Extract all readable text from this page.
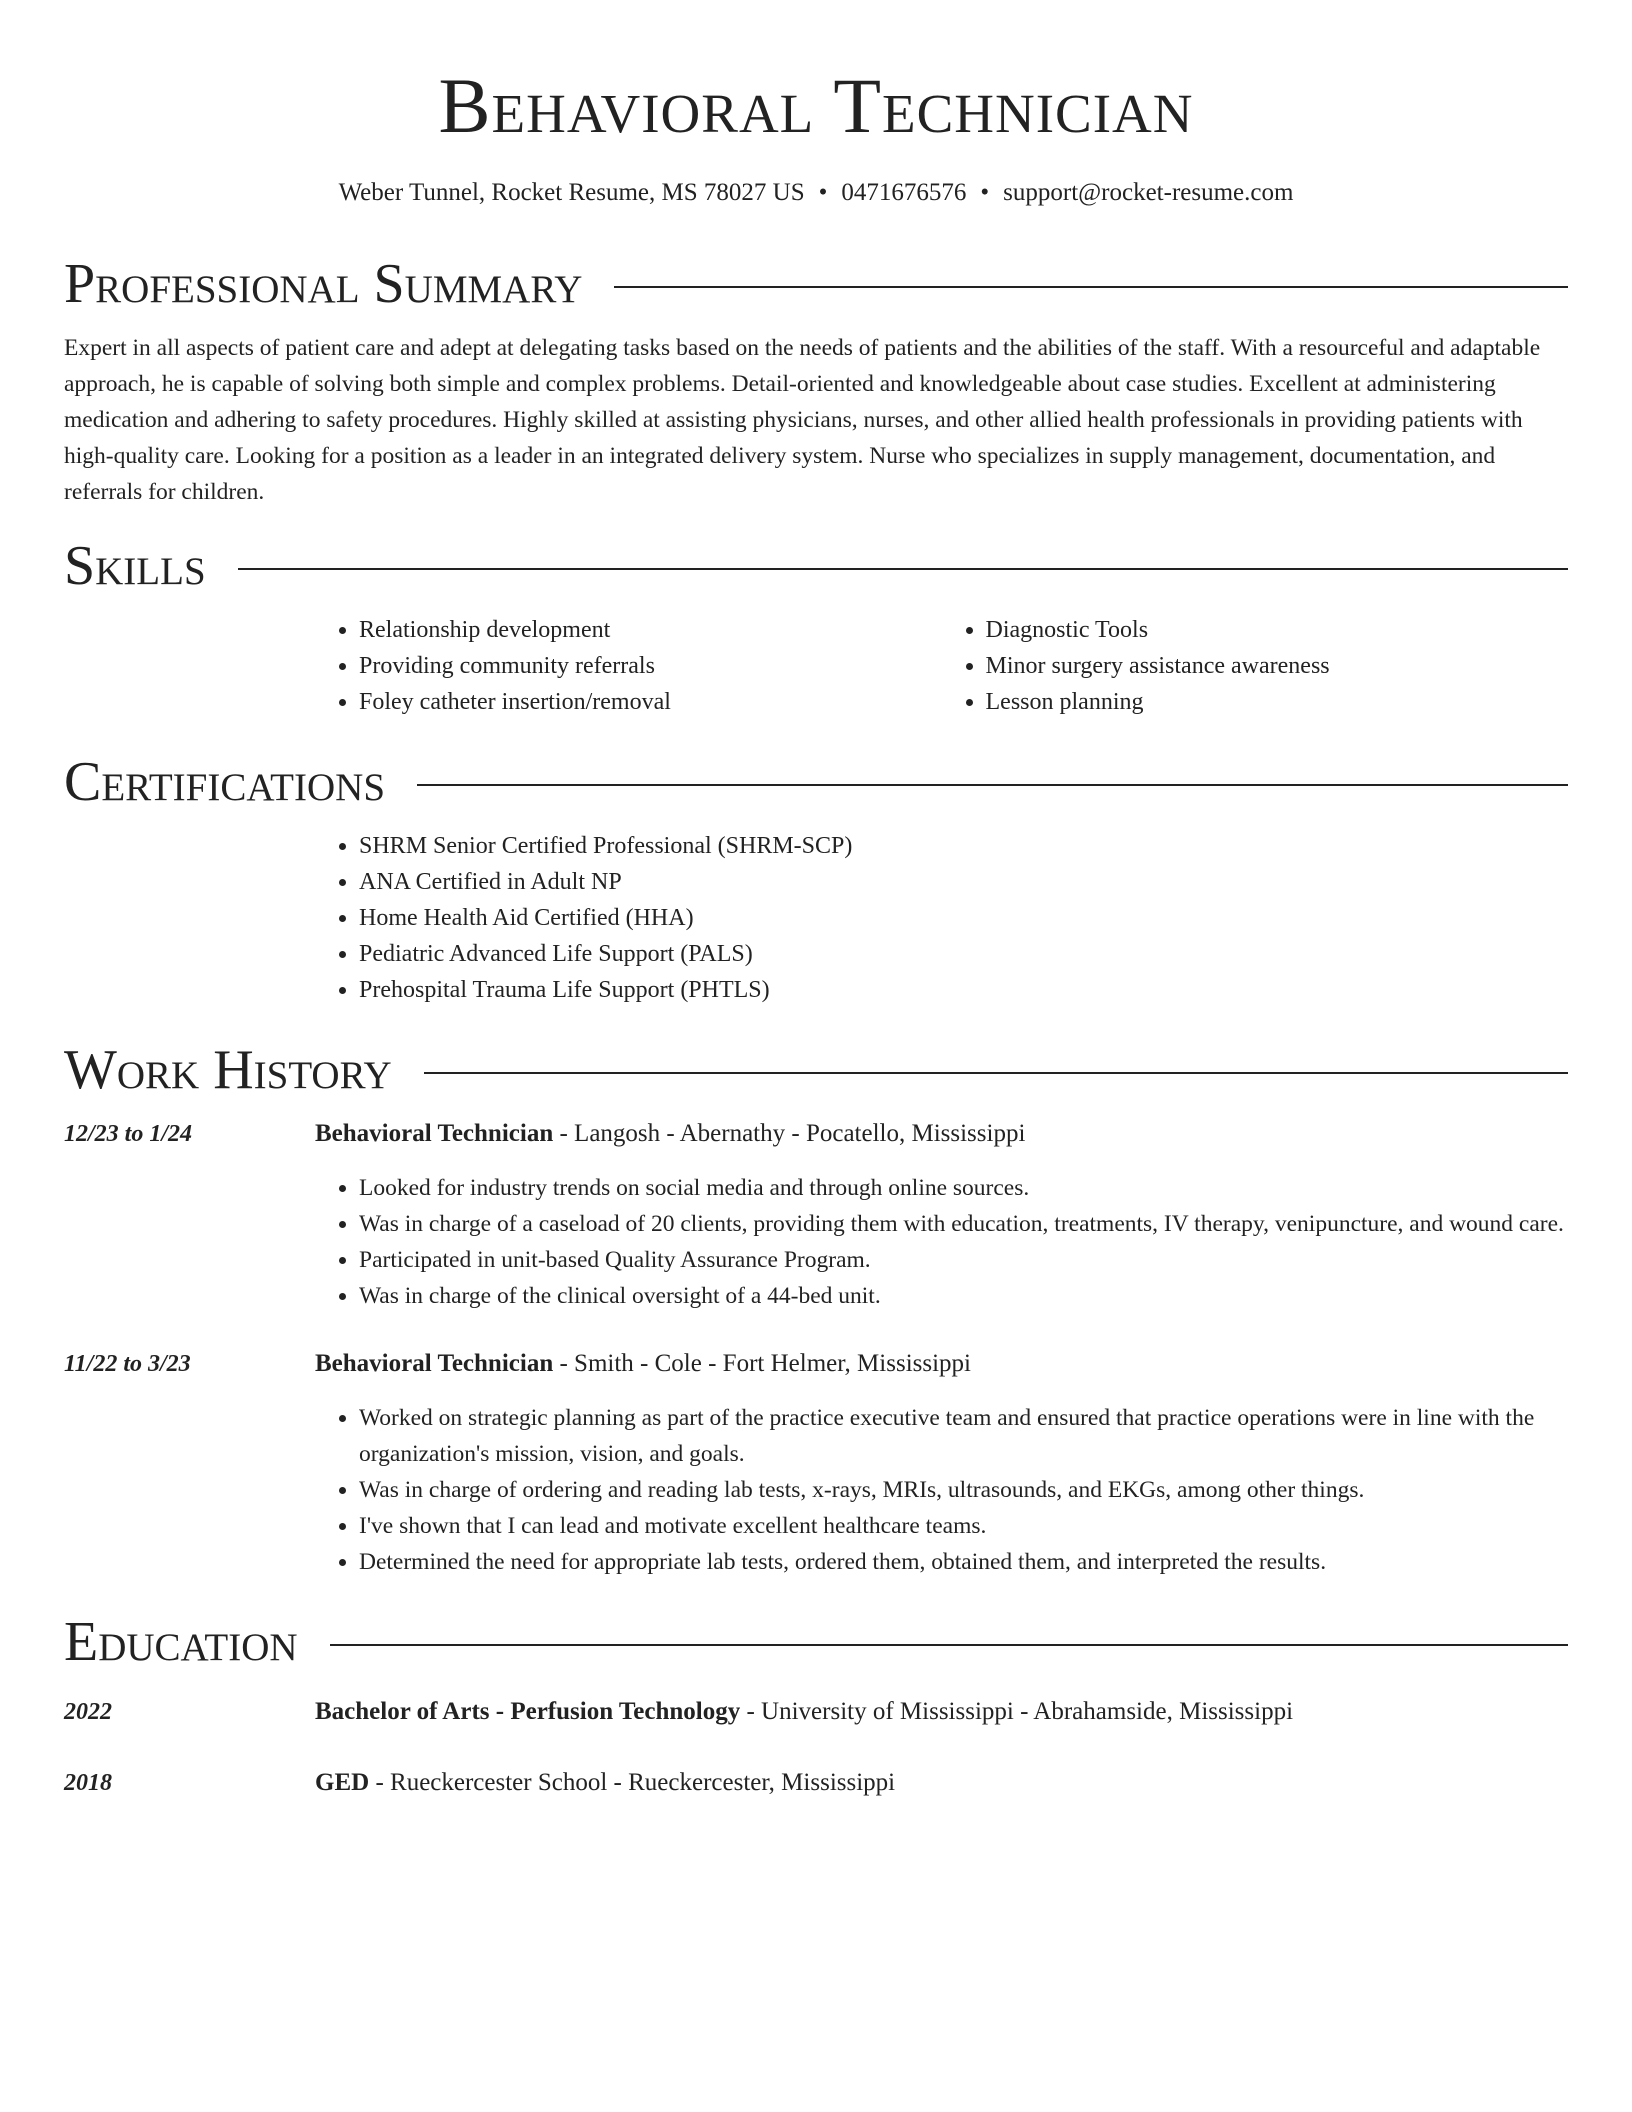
Behavioral Technician
Weber Tunnel, Rocket Resume, MS 78027 US • 0471676576 • support@rocket-resume.com
Professional Summary

Expert in all aspects of patient care and adept at delegating tasks based on the needs of patients and the abilities of the staff. With a resourceful and adaptable approach, he is capable of solving both simple and complex problems. Detail-oriented and knowledgeable about case studies. Excellent at administering medication and adhering to safety procedures. Highly skilled at assisting physicians, nurses, and other allied health professionals in providing patients with high-quality care. Looking for a position as a leader in an integrated delivery system. Nurse who specializes in supply management, documentation, and referrals for children.

Skills
• Relationship development
• Providing community referrals
• Foley catheter insertion/removal
• Diagnostic Tools
• Minor surgery assistance awareness
• Lesson planning
Certifications
• SHRM Senior Certified Professional (SHRM-SCP)
• ANA Certified in Adult NP
• Home Health Aid Certified (HHA)
• Pediatric Advanced Life Support (PALS)
• Prehospital Trauma Life Support (PHTLS)
Work History
12/23 to 1/24	Behavioral Technician - Langosh - Abernathy - Pocatello, Mississippi
• Looked for industry trends on social media and through online sources.
• Was in charge of a caseload of 20 clients, providing them with education, treatments, IV therapy, venipuncture, and wound care.
• Participated in unit-based Quality Assurance Program.
• Was in charge of the clinical oversight of a 44-bed unit.
11/22 to 3/23	Behavioral Technician - Smith - Cole - Fort Helmer, Mississippi
• Worked on strategic planning as part of the practice executive team and ensured that practice operations were in line with the organization's mission, vision, and goals.
• Was in charge of ordering and reading lab tests, x-rays, MRIs, ultrasounds, and EKGs, among other things.
• I've shown that I can lead and motivate excellent healthcare teams.
• Determined the need for appropriate lab tests, ordered them, obtained them, and interpreted the results.
Education
2022	Bachelor of Arts - Perfusion Technology - University of Mississippi - Abrahamside, Mississippi
2018	GED - Rueckercester School - Rueckercester, Mississippi
